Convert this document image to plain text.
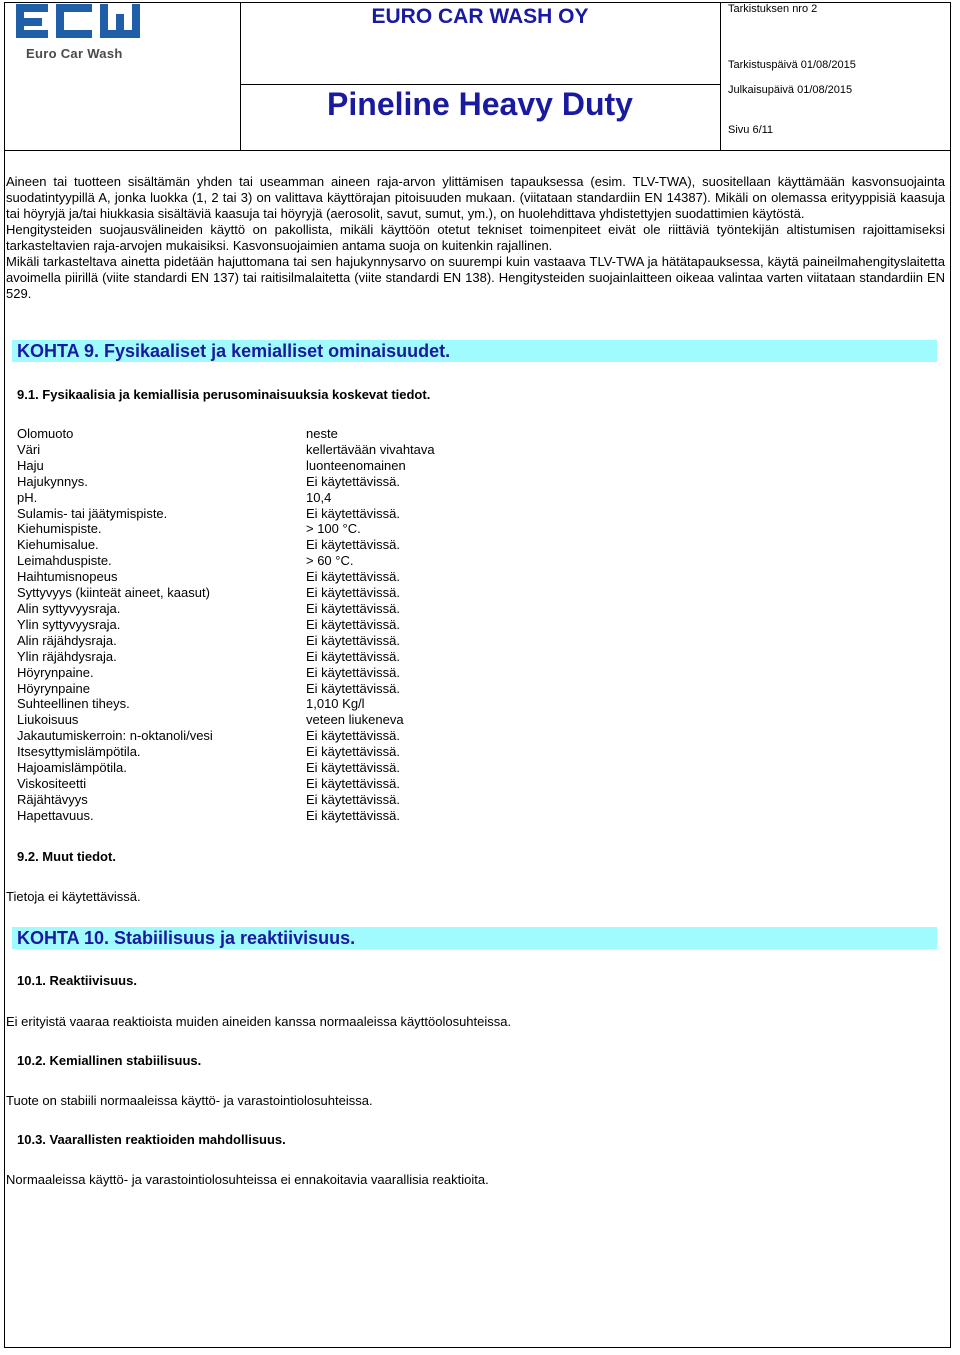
Euro Car Wash
EURO CAR WASH OY
Pineline Heavy Duty
Tarkistuksen nro 2
Tarkistuspäivä 01/08/2015
Julkaisupäivä 01/08/2015
Sivu 6/11

Aineen tai tuotteen sisältämän yhden tai useamman aineen raja-arvon ylittämisen tapauksessa (esim. TLV-TWA), suositellaan käyttämään kasvonsuojainta suodatintyypillä A, jonka luokka (1, 2 tai 3) on valittava käyttörajan pitoisuuden mukaan. (viitataan standardiin EN 14387). Mikäli on olemassa erityyppisiä kaasuja tai höyryjä ja/tai hiukkasia sisältäviä kaasuja tai höyryjä (aerosolit, savut, sumut, ym.), on huolehdittava yhdistettyjen suodattimien käytöstä.

Hengitysteiden suojausvälineiden käyttö on pakollista, mikäli käyttöön otetut tekniset toimenpiteet eivät ole riittäviä työntekijän altistumisen rajoittamiseksi tarkasteltavien raja-arvojen mukaisiksi. Kasvonsuojaimien antama suoja on kuitenkin rajallinen.

Mikäli tarkasteltava ainetta pidetään hajuttomana tai sen hajukynnysarvo on suurempi kuin vastaava TLV-TWA ja hätätapauksessa, käytä paineilmahengityslaitetta avoimella piirillä (viite standardi EN 137) tai raitisilmalaitetta (viite standardi EN 138). Hengitysteiden suojainlaitteen oikeaa valintaa varten viitataan standardiin EN 529.

KOHTA 9. Fysikaaliset ja kemialliset ominaisuudet.
9.1. Fysikaalisia ja kemiallisia perusominaisuuksia koskevat tiedot.
Olomuoto	neste
Väri	kellertävään vivahtava
Haju	luonteenomainen
Hajukynnys.	Ei käytettävissä.
pH.	10,4
Sulamis- tai jäätymispiste.	Ei käytettävissä.
Kiehumispiste.	> 100 °C.
Kiehumisalue.	Ei käytettävissä.
Leimahduspiste.	> 60 °C.
Haihtumisnopeus	Ei käytettävissä.
Syttyvyys (kiinteät aineet, kaasut)	Ei käytettävissä.
Alin syttyvyysraja.	Ei käytettävissä.
Ylin syttyvyysraja.	Ei käytettävissä.
Alin räjähdysraja.	Ei käytettävissä.
Ylin räjähdysraja.	Ei käytettävissä.
Höyrynpaine.	Ei käytettävissä.
Höyrynpaine	Ei käytettävissä.
Suhteellinen tiheys.	1,010 Kg/l
Liukoisuus	veteen liukeneva
Jakautumiskerroin: n-oktanoli/vesi	Ei käytettävissä.
Itsesyttymislämpötila.	Ei käytettävissä.
Hajoamislämpötila.	Ei käytettävissä.
Viskositeetti	Ei käytettävissä.
Räjähtävyys	Ei käytettävissä.
Hapettavuus.	Ei käytettävissä.
9.2. Muut tiedot.
Tietoja ei käytettävissä.
KOHTA 10. Stabiilisuus ja reaktiivisuus.
10.1. Reaktiivisuus.
Ei erityistä vaaraa reaktioista muiden aineiden kanssa normaaleissa käyttöolosuhteissa.
10.2. Kemiallinen stabiilisuus.
Tuote on stabiili normaaleissa käyttö- ja varastointiolosuhteissa.
10.3. Vaarallisten reaktioiden mahdollisuus.
Normaaleissa käyttö- ja varastointiolosuhteissa ei ennakoitavia vaarallisia reaktioita.
